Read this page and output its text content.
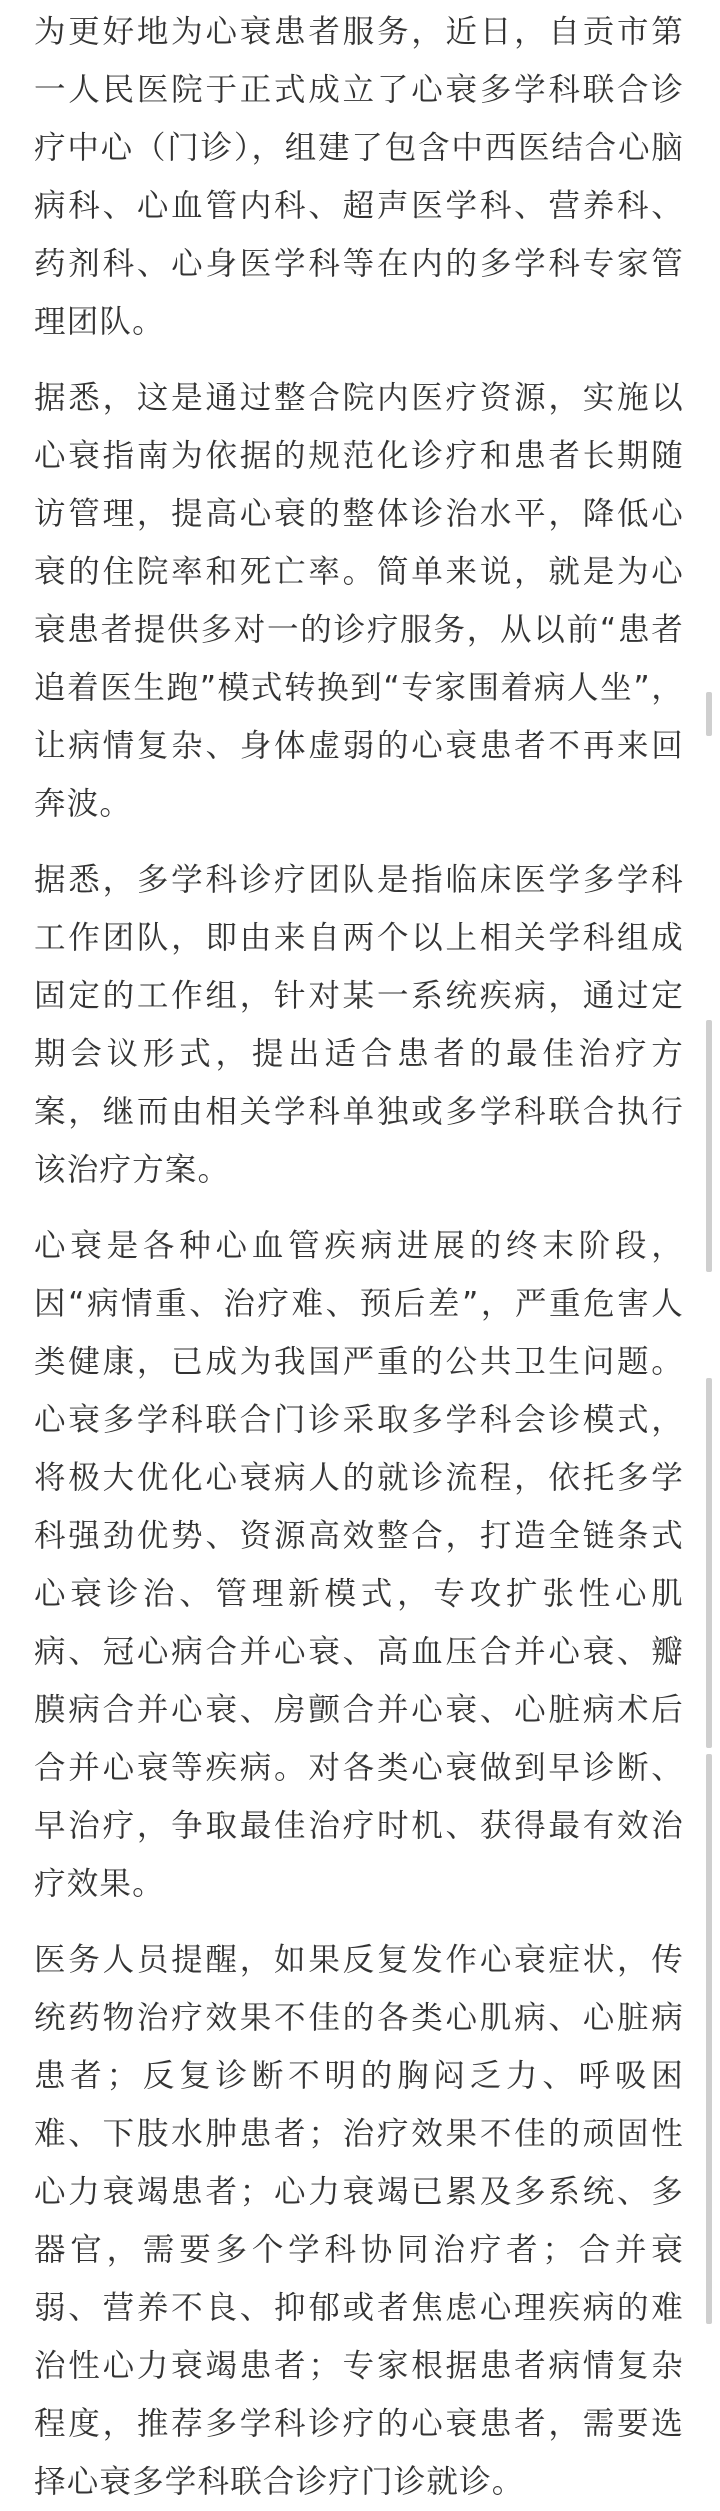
为更好地为心衰患者服务，近日，自贡市第一人民医院于正式成立了心衰多学科联合诊疗中心（门诊），组建了包含中西医结合心脑病科、心血管内科、超声医学科、营养科、药剂科、心身医学科等在内的多学科专家管理团队。

据悉，这是通过整合院内医疗资源，实施以心衰指南为依据的规范化诊疗和患者长期随访管理，提高心衰的整体诊治水平，降低心衰的住院率和死亡率。简单来说，就是为心衰患者提供多对一的诊疗服务，从以前“患者追着医生跑”模式转换到“专家围着病人坐”，让病情复杂、身体虚弱的心衰患者不再来回奔波。

据悉，多学科诊疗团队是指临床医学多学科工作团队，即由来自两个以上相关学科组成固定的工作组，针对某一系统疾病，通过定期会议形式，提出适合患者的最佳治疗方案，继而由相关学科单独或多学科联合执行该治疗方案。

心衰是各种心血管疾病进展的终末阶段，因“病情重、治疗难、预后差”，严重危害人类健康，已成为我国严重的公共卫生问题。心衰多学科联合门诊采取多学科会诊模式，将极大优化心衰病人的就诊流程，依托多学科强劲优势、资源高效整合，打造全链条式心衰诊治、管理新模式，专攻扩张性心肌病、冠心病合并心衰、高血压合并心衰、瓣膜病合并心衰、房颤合并心衰、心脏病术后合并心衰等疾病。对各类心衰做到早诊断、早治疗，争取最佳治疗时机、获得最有效治疗效果。

医务人员提醒，如果反复发作心衰症状，传统药物治疗效果不佳的各类心肌病、心脏病患者；反复诊断不明的胸闷乏力、呼吸困难、下肢水肿患者；治疗效果不佳的顽固性心力衰竭患者；心力衰竭已累及多系统、多器官，需要多个学科协同治疗者；合并衰弱、营养不良、抑郁或者焦虑心理疾病的难治性心力衰竭患者；专家根据患者病情复杂程度，推荐多学科诊疗的心衰患者，需要选择心衰多学科联合诊疗门诊就诊。
